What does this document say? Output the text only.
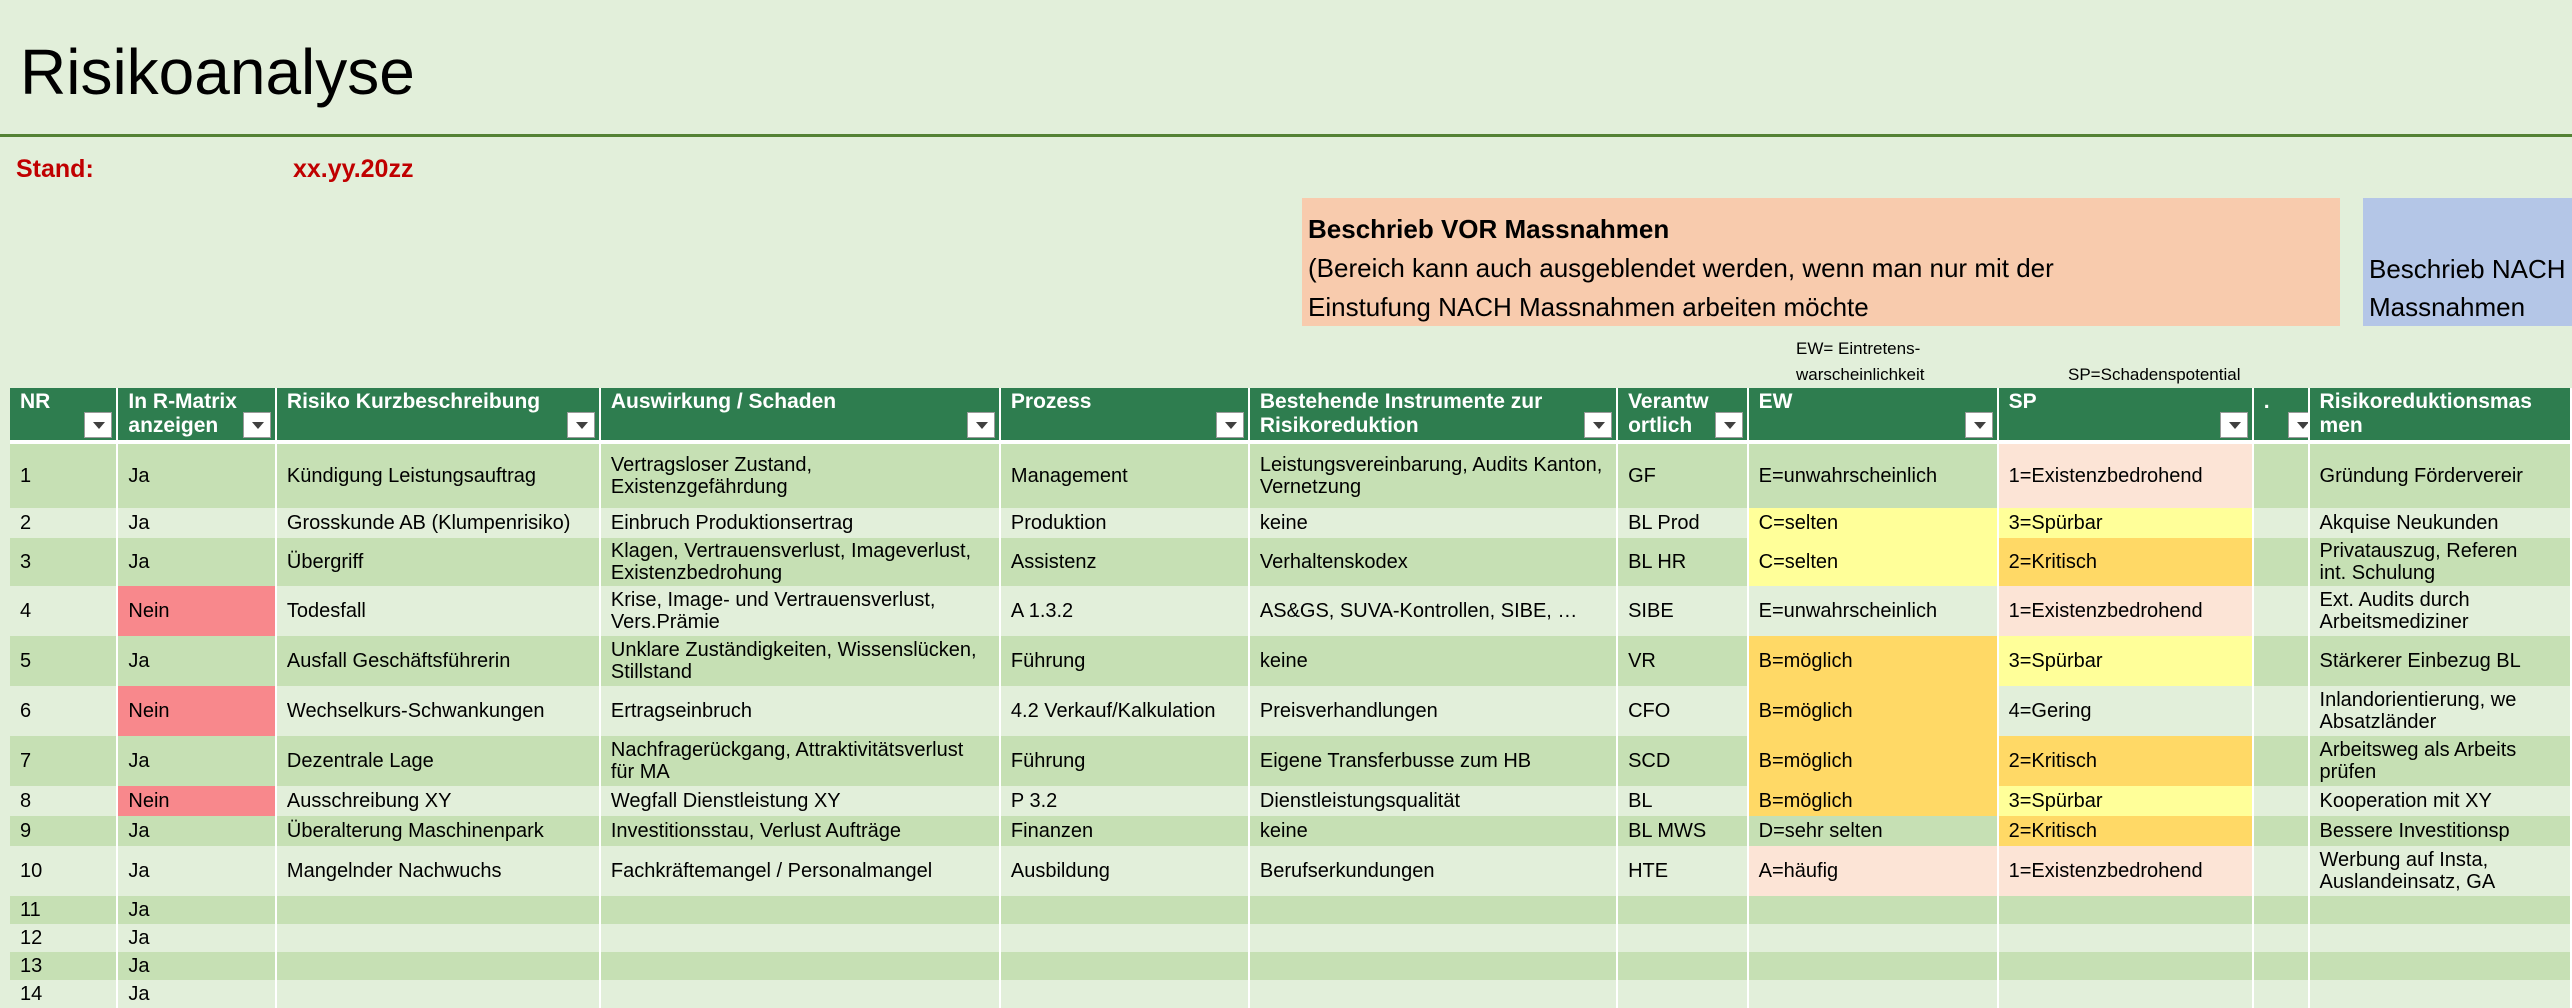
Risikoanalyse
Stand:	xx.yy.20zz
Beschrieb VOR Massnahmen
(Bereich kann auch ausgeblendet werden, wenn man nur mit der
Einstufung NACH Massnahmen arbeiten möchte
Beschrieb NACH
Massnahmen
EW= Eintretens-
warscheinlichkeit	SP=Schadenspotential
NR	In R-Matrix
anzeigen	Risiko Kurzbeschreibung	Auswirkung / Schaden	Prozess	Bestehende Instrumente zur
Risikoreduktion	Verantw
ortlich	EW	SP	.	Risikoreduktionsmas
men

1	Ja	Kündigung Leistungsauftrag	Vertragsloser Zustand,
Existenzgefährdung	Management	Leistungsvereinbarung, Audits Kanton,
Vernetzung	GF	E=unwahrscheinlich	1=Existenzbedrohend		Gründung Fördervereir

2	Ja	Grosskunde AB (Klumpenrisiko)	Einbruch Produktionsertrag	Produktion	keine	BL Prod	C=selten	3=Spürbar		Akquise Neukunden

3	Ja	Übergriff	Klagen, Vertrauensverlust, Imageverlust,
Existenzbedrohung	Assistenz	Verhaltenskodex	BL HR	C=selten	2=Kritisch		Privatauszug, Referen
int. Schulung

4	Nein	Todesfall	Krise, Image- und Vertrauensverlust,
Vers.Prämie	A 1.3.2	AS&GS, SUVA-Kontrollen, SIBE, …	SIBE	E=unwahrscheinlich	1=Existenzbedrohend		Ext. Audits durch
Arbeitsmediziner

5	Ja	Ausfall Geschäftsführerin	Unklare Zuständigkeiten, Wissenslücken,
Stillstand	Führung	keine	VR	B=möglich	3=Spürbar		Stärkerer Einbezug BL

6	Nein	Wechselkurs-Schwankungen	Ertragseinbruch	4.2 Verkauf/Kalkulation	Preisverhandlungen	CFO	B=möglich	4=Gering		Inlandorientierung, we
Absatzländer

7	Ja	Dezentrale Lage	Nachfragerückgang, Attraktivitätsverlust
für MA	Führung	Eigene Transferbusse zum HB	SCD	B=möglich	2=Kritisch		Arbeitsweg als Arbeits
prüfen

8	Nein	Ausschreibung XY	Wegfall Dienstleistung XY	P 3.2	Dienstleistungsqualität	BL	B=möglich	3=Spürbar		Kooperation mit XY

9	Ja	Überalterung Maschinenpark	Investitionsstau, Verlust Aufträge	Finanzen	keine	BL MWS	D=sehr selten	2=Kritisch		Bessere Investitionsp

10	Ja	Mangelnder Nachwuchs	Fachkräftemangel / Personalmangel	Ausbildung	Berufserkundungen	HTE	A=häufig	1=Existenzbedrohend		Werbung auf Insta,
Auslandeinsatz, GA

11	Ja									
12	Ja									
13	Ja									
14	Ja									
